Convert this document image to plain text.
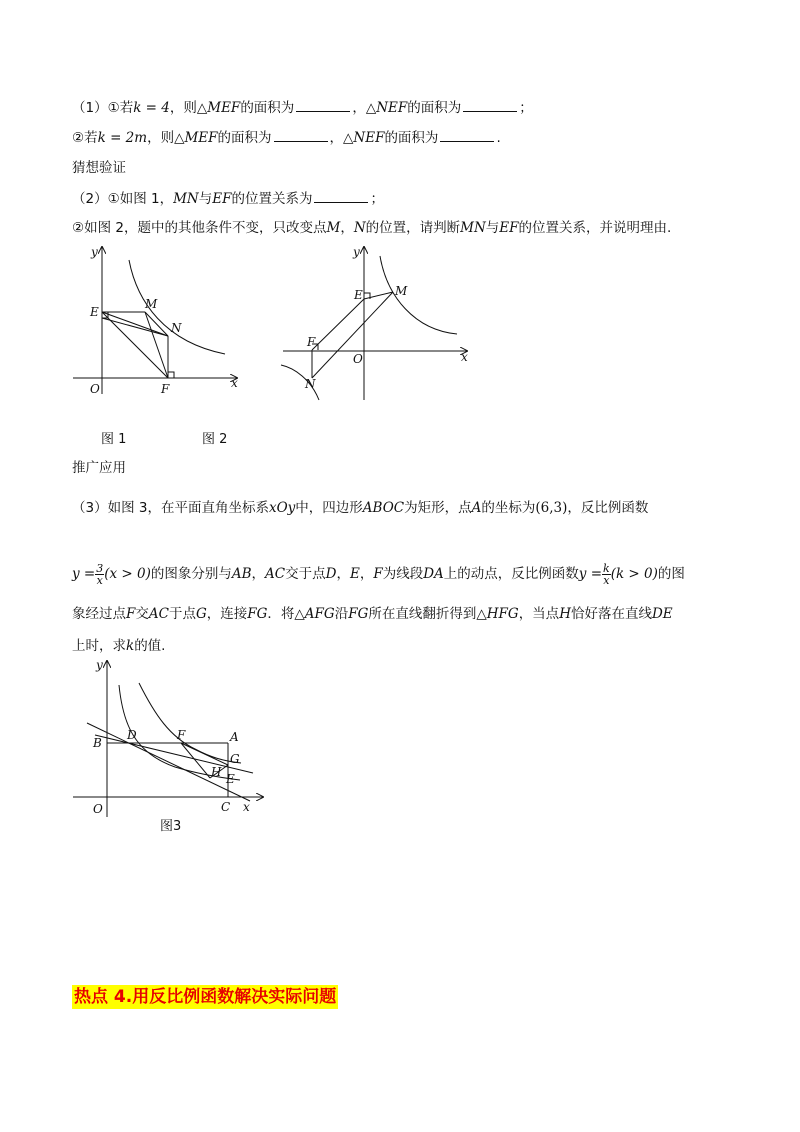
（1）①若k = 4，则△MEF的面积为	，△NEF的面积为	；
②若k = 2m，则△MEF的面积为	，△NEF的面积为	.
猜想验证
（2）①如图 1，MN与EF的位置关系为	；
②如图 2，题中的其他条件不变，只改变点M，N的位置，请判断MN与EF的位置关系，并说明理由.
y
x
O
E
M
N
F
图 1
y
x
O
E	M
N
F
图 2
推广应用
（3）如图 3，在平面直角坐标系xOy中，四边形ABOC为矩形，点A的坐标为(6,3)，反比例函数
$y = \frac{3}{x} (x > 0)$的图象分别与AB，AC交于点D，E，F为线段DA上的动点，反比例函数$y = \frac{k}{x} (k > 0)$的图
象经过点F交AC于点G，连接FG．将△AFG沿FG所在直线翻折得到△HFG，当点H恰好落在直线DE
上时，求k的值.
y
x
O
B
D	F	A
G
H E
C
图3
热点 4.用反比例函数解决实际问题
